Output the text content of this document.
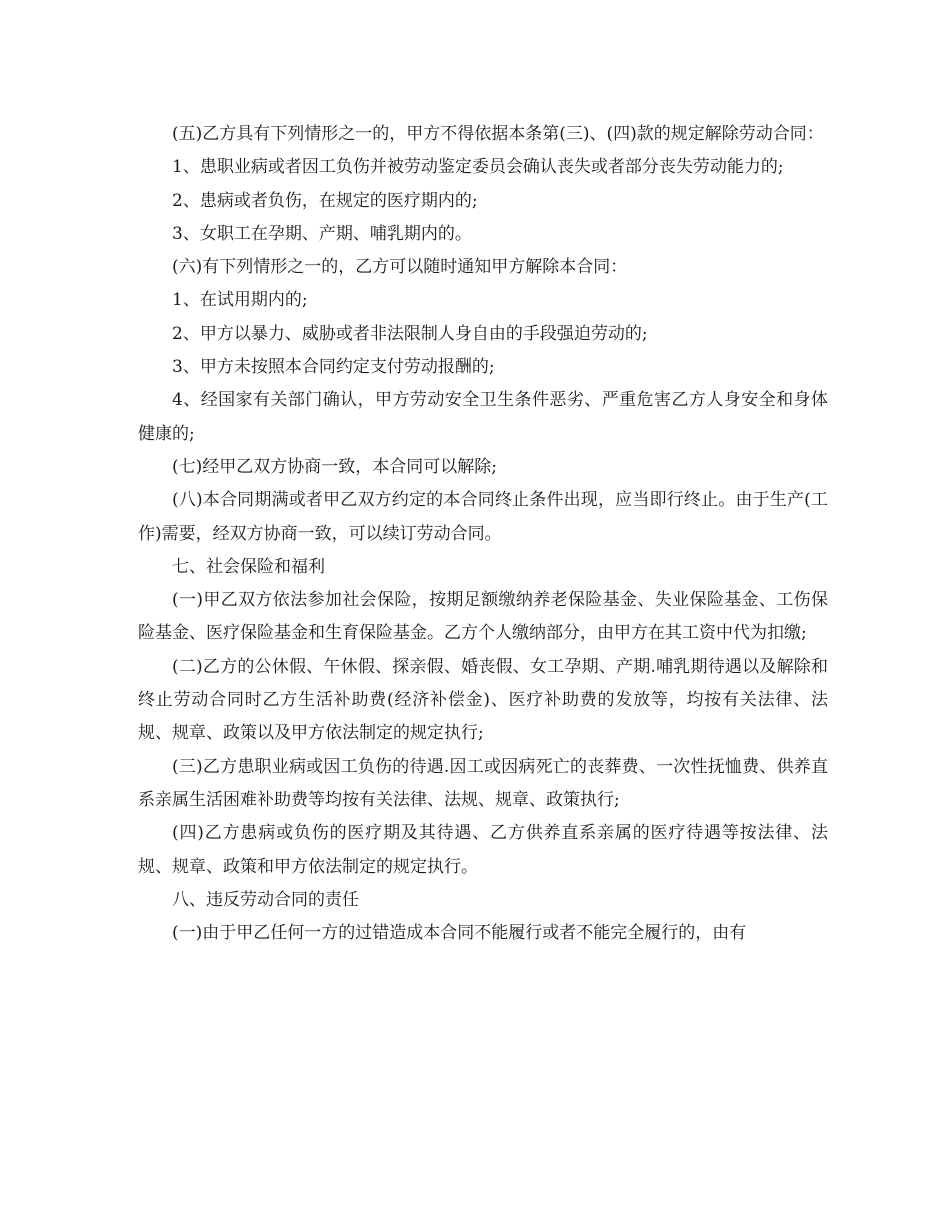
(五)乙方具有下列情形之一的，甲方不得依据本条第(三)、(四)款的规定解除劳动合同：

1、患职业病或者因工负伤并被劳动鉴定委员会确认丧失或者部分丧失劳动能力的;

2、患病或者负伤，在规定的医疗期内的;

3、女职工在孕期、产期、哺乳期内的。

(六)有下列情形之一的，乙方可以随时通知甲方解除本合同：

1、在试用期内的;

2、甲方以暴力、威胁或者非法限制人身自由的手段强迫劳动的;

3、甲方未按照本合同约定支付劳动报酬的;

4、经国家有关部门确认，甲方劳动安全卫生条件恶劣、严重危害乙方人身安全和身体健康的;

(七)经甲乙双方协商一致，本合同可以解除;

(八)本合同期满或者甲乙双方约定的本合同终止条件出现，应当即行终止。由于生产(工作)需要，经双方协商一致，可以续订劳动合同。

七、社会保险和福利

(一)甲乙双方依法参加社会保险，按期足额缴纳养老保险基金、失业保险基金、工伤保险基金、医疗保险基金和生育保险基金。乙方个人缴纳部分，由甲方在其工资中代为扣缴;

(二)乙方的公休假、午休假、探亲假、婚丧假、女工孕期、产期.哺乳期待遇以及解除和终止劳动合同时乙方生活补助费(经济补偿金)、医疗补助费的发放等，均按有关法律、法规、规章、政策以及甲方依法制定的规定执行;

(三)乙方患职业病或因工负伤的待遇.因工或因病死亡的丧葬费、一次性抚恤费、供养直系亲属生活困难补助费等均按有关法律、法规、规章、政策执行;

(四)乙方患病或负伤的医疗期及其待遇、乙方供养直系亲属的医疗待遇等按法律、法规、规章、政策和甲方依法制定的规定执行。

八、违反劳动合同的责任

(一)由于甲乙任何一方的过错造成本合同不能履行或者不能完全履行的，由有
